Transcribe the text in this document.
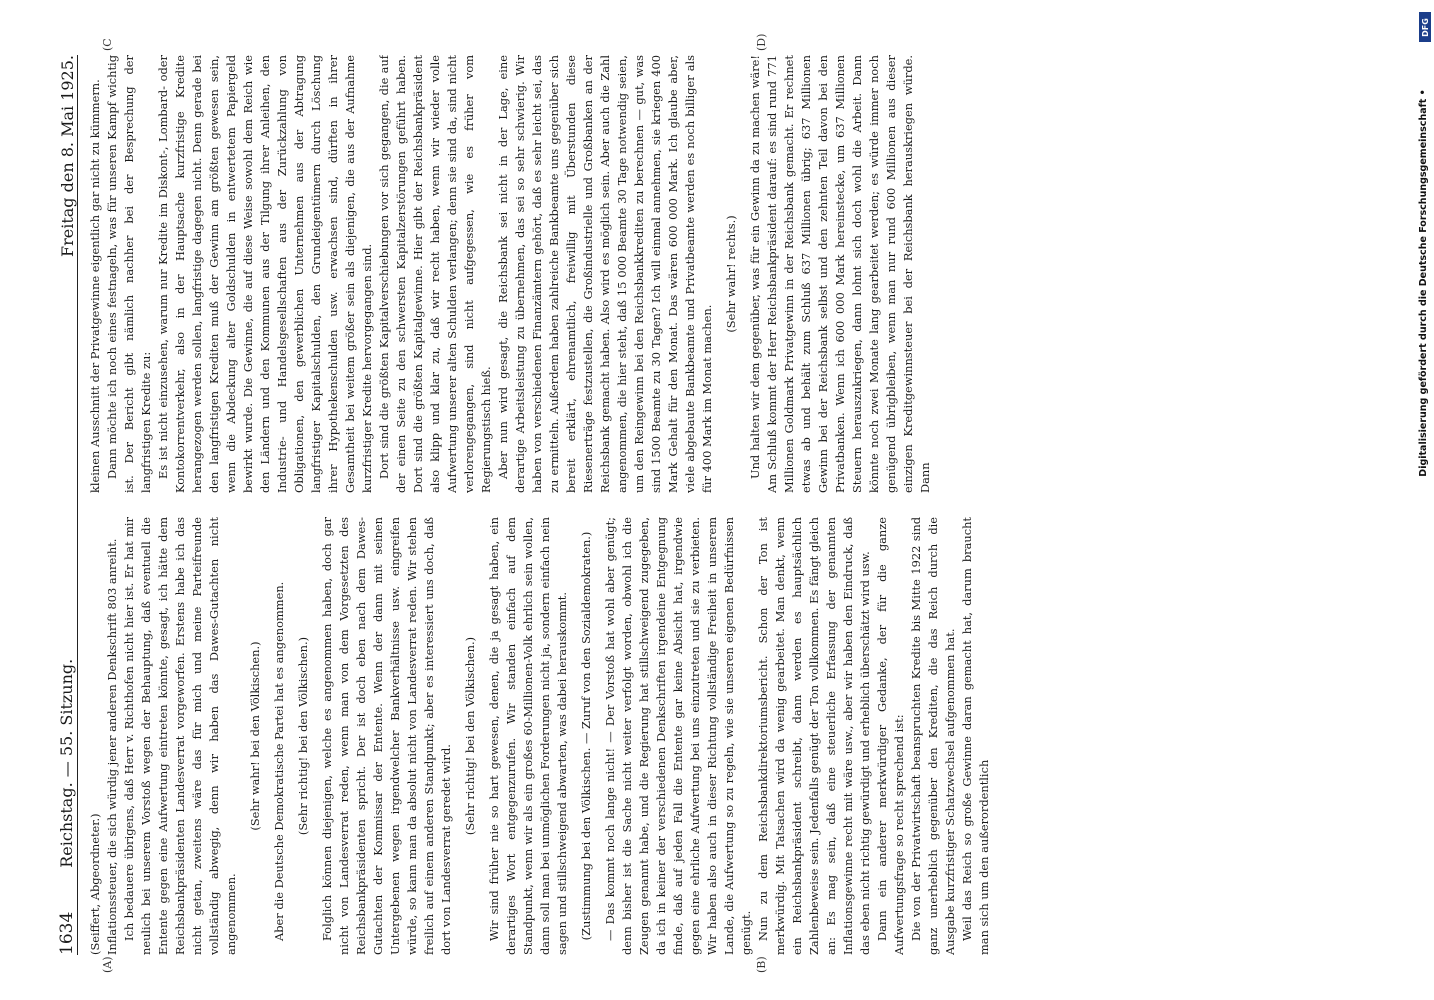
1634
Reichstag. — 55. Sitzung.
Freitag den 8. Mai 1925.

(Seiffert, Abgeordneter.) Inflationssteuer, die sich würdig jener anderen Denkschrift 803 anreiht. Ich bedauere übrigens, daß Herr v. Richthofen nicht hier ist. Er hat mir neulich bei unserem Vorstoß wegen der Behauptung, daß eventuell die Entente gegen eine Aufwertung eintreten könnte, gesagt, ich hätte dem Reichsbankpräsidenten Landesverrat vorgeworfen. Erstens habe ich das nicht getan, zweitens wäre das für mich und meine Parteifreunde vollständig abwegig, denn wir haben das Dawes-Gutachten nicht angenommen.

(Sehr wahr! bei den Völkischen.) Aber die Deutsche Demokratische Partei hat es angenommen. (Sehr richtig! bei den Völkischen.) Folglich können diejenigen, welche es angenommen haben, doch gar nicht von Landesverrat reden, wenn man von dem Vorgesetzten des Reichsbankpräsidenten spricht. Der ist doch eben nach dem Dawes-Gutachten der Kommissar der Entente. Wenn der dann mit seinen Untergebenen wegen irgendwelcher Bankverhältnisse usw. eingreifen würde, so kann man da absolut nicht von Landesverrat reden. Wir stehen freilich auf einem anderen Standpunkt; aber es interessiert uns doch, daß dort von Landesverrat geredet wird.

(Sehr richtig! bei den Völkischen.) Wir sind früher nie so hart gewesen, denen, die ja gesagt haben, ein derartiges Wort entgegenzurufen. Wir standen einfach auf dem Standpunkt, wenn wir als ein großes 60-Millionen-Volk ehrlich sein wollen, dann soll man bei unmöglichen Forderungen nicht ja, sondern einfach nein sagen und stillschweigend abwarten, was dabei herauskommt. (Zustimmung bei den Völkischen. — Zuruf von den Sozialdemokraten.) — Das kommt noch lange nicht! — Der Vorstoß hat wohl aber genügt; denn bisher ist die Sache nicht weiter verfolgt worden, obwohl ich die Zeugen genannt habe, und die Regierung hat stillschweigend zugegeben, da ich in keiner der verschiedenen Denkschriften irgendeine Entgegnung finde, daß auf jeden Fall die Entente gar keine Absicht hat, irgendwie gegen eine ehrliche Aufwertung bei uns einzutreten und sie zu verbieten. Wir haben also auch in dieser Richtung vollständige Freiheit in unserem Lande, die Aufwertung so zu regeln, wie sie unseren eigenen Bedürfnissen genügt. Nun zu dem Reichsbankdirektoriumsbericht. Schon der Ton ist merkwürdig. Mit Tatsachen wird da wenig gearbeitet. Man denkt, wenn ein Reichsbankpräsident schreibt, dann werden es hauptsächlich Zahlenbeweise sein. Jedenfalls genügt der Ton vollkommen. Es fängt gleich an: Es mag sein, daß eine steuerliche Erfassung der genannten Inflationsgewinne recht mit wäre usw., aber wir haben den Eindruck, daß das eben nicht richtig gewürdigt und erheblich überschätzt wird usw. Dann ein anderer merkwürdiger Gedanke, der für die ganze Aufwertungsfrage so recht sprechend ist: Die von der Privatwirtschaft beanspruchten Kredite bis Mitte 1922 sind ganz unerheblich gegenüber den Krediten, die das Reich durch die Ausgabe kurzfristiger Schatzwechsel aufgenommen hat. Weil das Reich so große Gewinne daran gemacht hat, darum braucht man sich um den außerordentlich

kleinen Ausschnitt der Privatgewinne eigentlich gar nicht zu kümmern. Dann möchte ich noch eines festnageln, was für unseren Kampf wichtig ist. Der Bericht gibt nämlich nachher bei der Besprechung der langfristigen Kredite zu: Es ist nicht einzusehen, warum nur Kredite im Diskont-, Lombard- oder Kontokorrentverkehr, also in der Hauptsache kurzfristige Kredite herangezogen werden sollen, langfristige dagegen nicht. Denn gerade bei den langfristigen Krediten muß der Gewinn am größten gewesen sein, wenn die Abdeckung alter Goldschulden in entwertetem Papiergeld bewirkt wurde. Die Gewinne, die auf diese Weise sowohl dem Reich wie den Ländern und den Kommunen aus der Tilgung ihrer Anleihen, den Industrie- und Handelsgesellschaften aus der Zurückzahlung von Obligationen, den gewerblichen Unternehmen aus der Abtragung langfristiger Kapitalschulden, den Grundeigentümern durch Löschung ihrer Hypothekenschulden usw. erwachsen sind, dürften in ihrer Gesamtheit bei weitem größer sein als diejenigen, die aus der Aufnahme kurzfristiger Kredite hervorgegangen sind. Dort sind die größten Kapitalverschiebungen vor sich gegangen, die auf der einen Seite zu den schwersten Kapitalzerstörungen geführt haben. Dort sind die größten Kapitalgewinne. Hier gibt der Reichsbankpräsident also klipp und klar zu, daß wir recht haben, wenn wir wieder volle Aufwertung unserer alten Schulden verlangen; denn sie sind da, sind nicht verlorengegangen, sind nicht aufgegessen, wie es früher vom Regierungstisch hieß. Aber nun wird gesagt, die Reichsbank sei nicht in der Lage, eine derartige Arbeitsleistung zu übernehmen, das sei so sehr schwierig. Wir haben von verschiedenen Finanzämtern gehört, daß es sehr leicht sei, das zu ermitteln. Außerdem haben zahlreiche Bankbeamte uns gegenüber sich bereit erklärt, ehrenamtlich, freiwillig mit Überstunden diese Riesenerträge festzustellen, die Großindustrielle und Großbanken an der Reichsbank gemacht haben. Also wird es möglich sein. Aber auch die Zahl angenommen, die hier steht, daß 15 000 Beamte 30 Tage notwendig seien, um den Reingewinn bei den Reichsbankkrediten zu berechnen — gut, was sind 1500 Beamte zu 30 Tagen? Ich will einmal annehmen, sie kriegen 400 Mark Gehalt für den Monat. Das wären 600 000 Mark. Ich glaube aber, viele abgebaute Bankbeamte und Privatbeamte werden es noch billiger als für 400 Mark im Monat machen.

(Sehr wahr! rechts.) Und halten wir dem gegenüber, was für ein Gewinn da zu machen wäre! Am Schluß kommt der Herr Reichsbankpräsident darauf: es sind rund 771 Millionen Goldmark Privatgewinn in der Reichsbank gemacht. Er rechnet etwas ab und behält zum Schluß 637 Millionen übrig; 637 Millionen Gewinn bei der Reichsbank selbst und den zehnten Teil davon bei den Privatbanken. Wenn ich 600 000 Mark hereinstecke, um 637 Millionen Steuern herauszukriegen, dann lohnt sich doch wohl die Arbeit. Dann könnte noch zwei Monate lang gearbeitet werden; es würde immer noch genügend übrigbleiben, wenn man nur rund 600 Millionen aus dieser einzigen Kreditgewinnsteuer bei der Reichsbank herauskriegen würde. Dann

(A)	(B)
(C	(D)
DFG
Digitalisierung gefördert durch die Deutsche Forschungsgemeinschaft •
